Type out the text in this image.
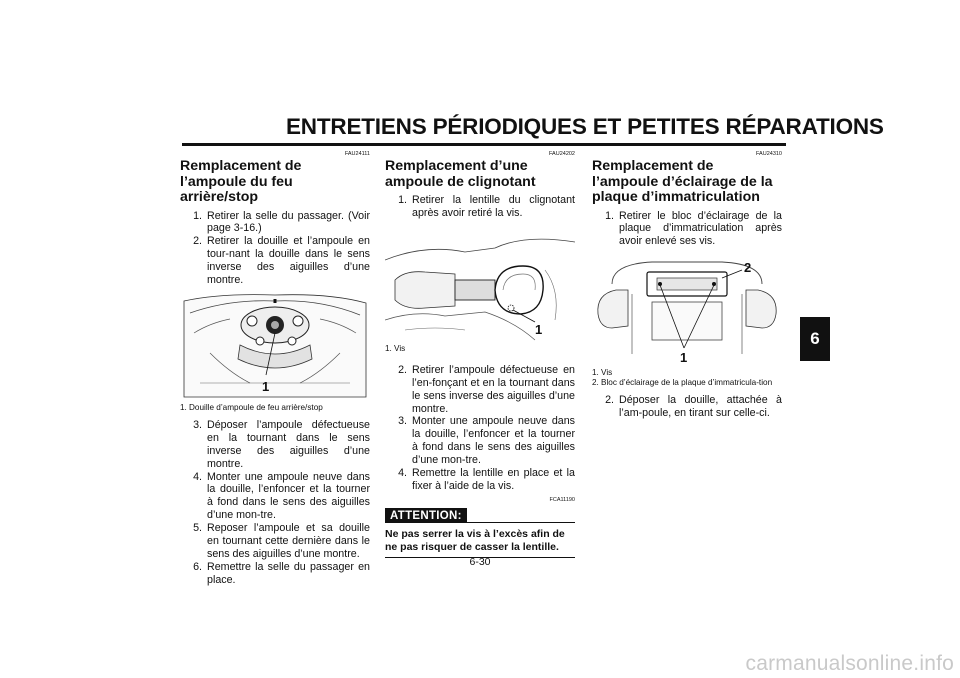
ENTRETIENS PÉRIODIQUES ET PETITES RÉPARATIONS
6
FAU24111
Remplacement de l’ampoule du feu arrière/stop
1. Retirer la selle du passager. (Voir page 3-16.)
2. Retirer la douille et l’ampoule en tour-nant la douille dans le sens inverse des aiguilles d’une montre.
1
1. Douille d’ampoule de feu arrière/stop
3. Déposer l’ampoule défectueuse en la tournant dans le sens inverse des aiguilles d’une montre.
4. Monter une ampoule neuve dans la douille, l’enfoncer et la tourner à fond dans le sens des aiguilles d’une mon-tre.
5. Reposer l’ampoule et sa douille en tournant cette dernière dans le sens des aiguilles d’une montre.
6. Remettre la selle du passager en place.
FAU24202
Remplacement d’une ampoule de clignotant
1. Retirer la lentille du clignotant après avoir retiré la vis.
1
1. Vis
2. Retirer l’ampoule défectueuse en l’en-fonçant et en la tournant dans le sens inverse des aiguilles d’une montre.
3. Monter une ampoule neuve dans la douille, l’enfoncer et la tourner à fond dans le sens des aiguilles d’une mon-tre.
4. Remettre la lentille en place et la fixer à l’aide de la vis.
FCA11190
ATTENTION:
Ne pas serrer la vis à l’excès afin de ne pas risquer de casser la lentille.
FAU24310
Remplacement de l’ampoule d’éclairage de la plaque d’immatriculation
1. Retirer le bloc d’éclairage de la plaque d’immatriculation après avoir enlevé ses vis.
1
2
1. Vis
2. Bloc d’éclairage de la plaque d’immatricula-tion
2. Déposer la douille, attachée à l’am-poule, en tirant sur celle-ci.
6-30
carmanualsonline.info
